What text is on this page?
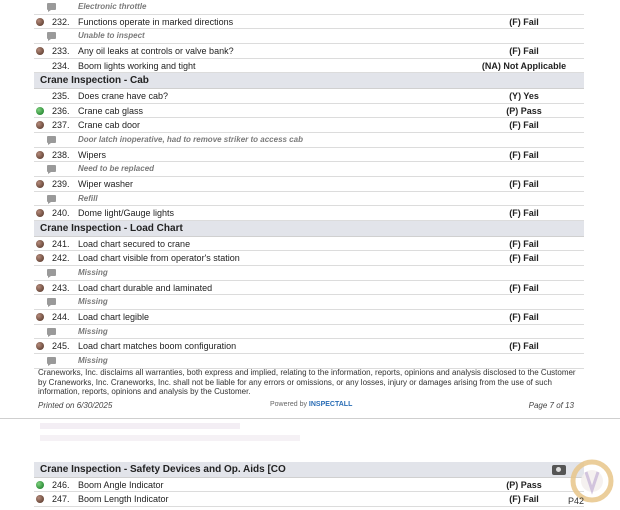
Electronic throttle
232. Functions operate in marked directions	(F) Fail
Unable to inspect
233. Any oil leaks at controls or valve bank?	(F) Fail
234. Boom lights working and tight	(NA) Not Applicable
Crane Inspection - Cab
235. Does crane have cab?	(Y) Yes
236. Crane cab glass	(P) Pass
237. Crane cab door	(F) Fail
Door latch inoperative, had to remove striker to access cab
238. Wipers	(F) Fail
Need to be replaced
239. Wiper washer	(F) Fail
Refill
240. Dome light/Gauge lights	(F) Fail
Crane Inspection - Load Chart
241. Load chart secured to crane	(F) Fail
242. Load chart visible from operator's station	(F) Fail
Missing
243. Load chart durable and laminated	(F) Fail
Missing
244. Load chart legible	(F) Fail
Missing
245. Load chart matches boom configuration	(F) Fail
Missing
Craneworks, Inc. disclaims all warranties, both express and implied, relating to the information, reports, opinions and analysis disclosed to the Customer by Craneworks, Inc. Craneworks, Inc. shall not be liable for any errors or omissions, or any losses, injury or damages arising from the use of such information, reports, opinions and analysis by the Customer.
Printed on 6/30/2025	Powered by INSPECTALL	Page 7 of 13
Crane Inspection - Safety Devices and Op. Aids [CO
246. Boom Angle Indicator	(P) Pass
247. Boom Length Indicator	(F) Fail	P42
